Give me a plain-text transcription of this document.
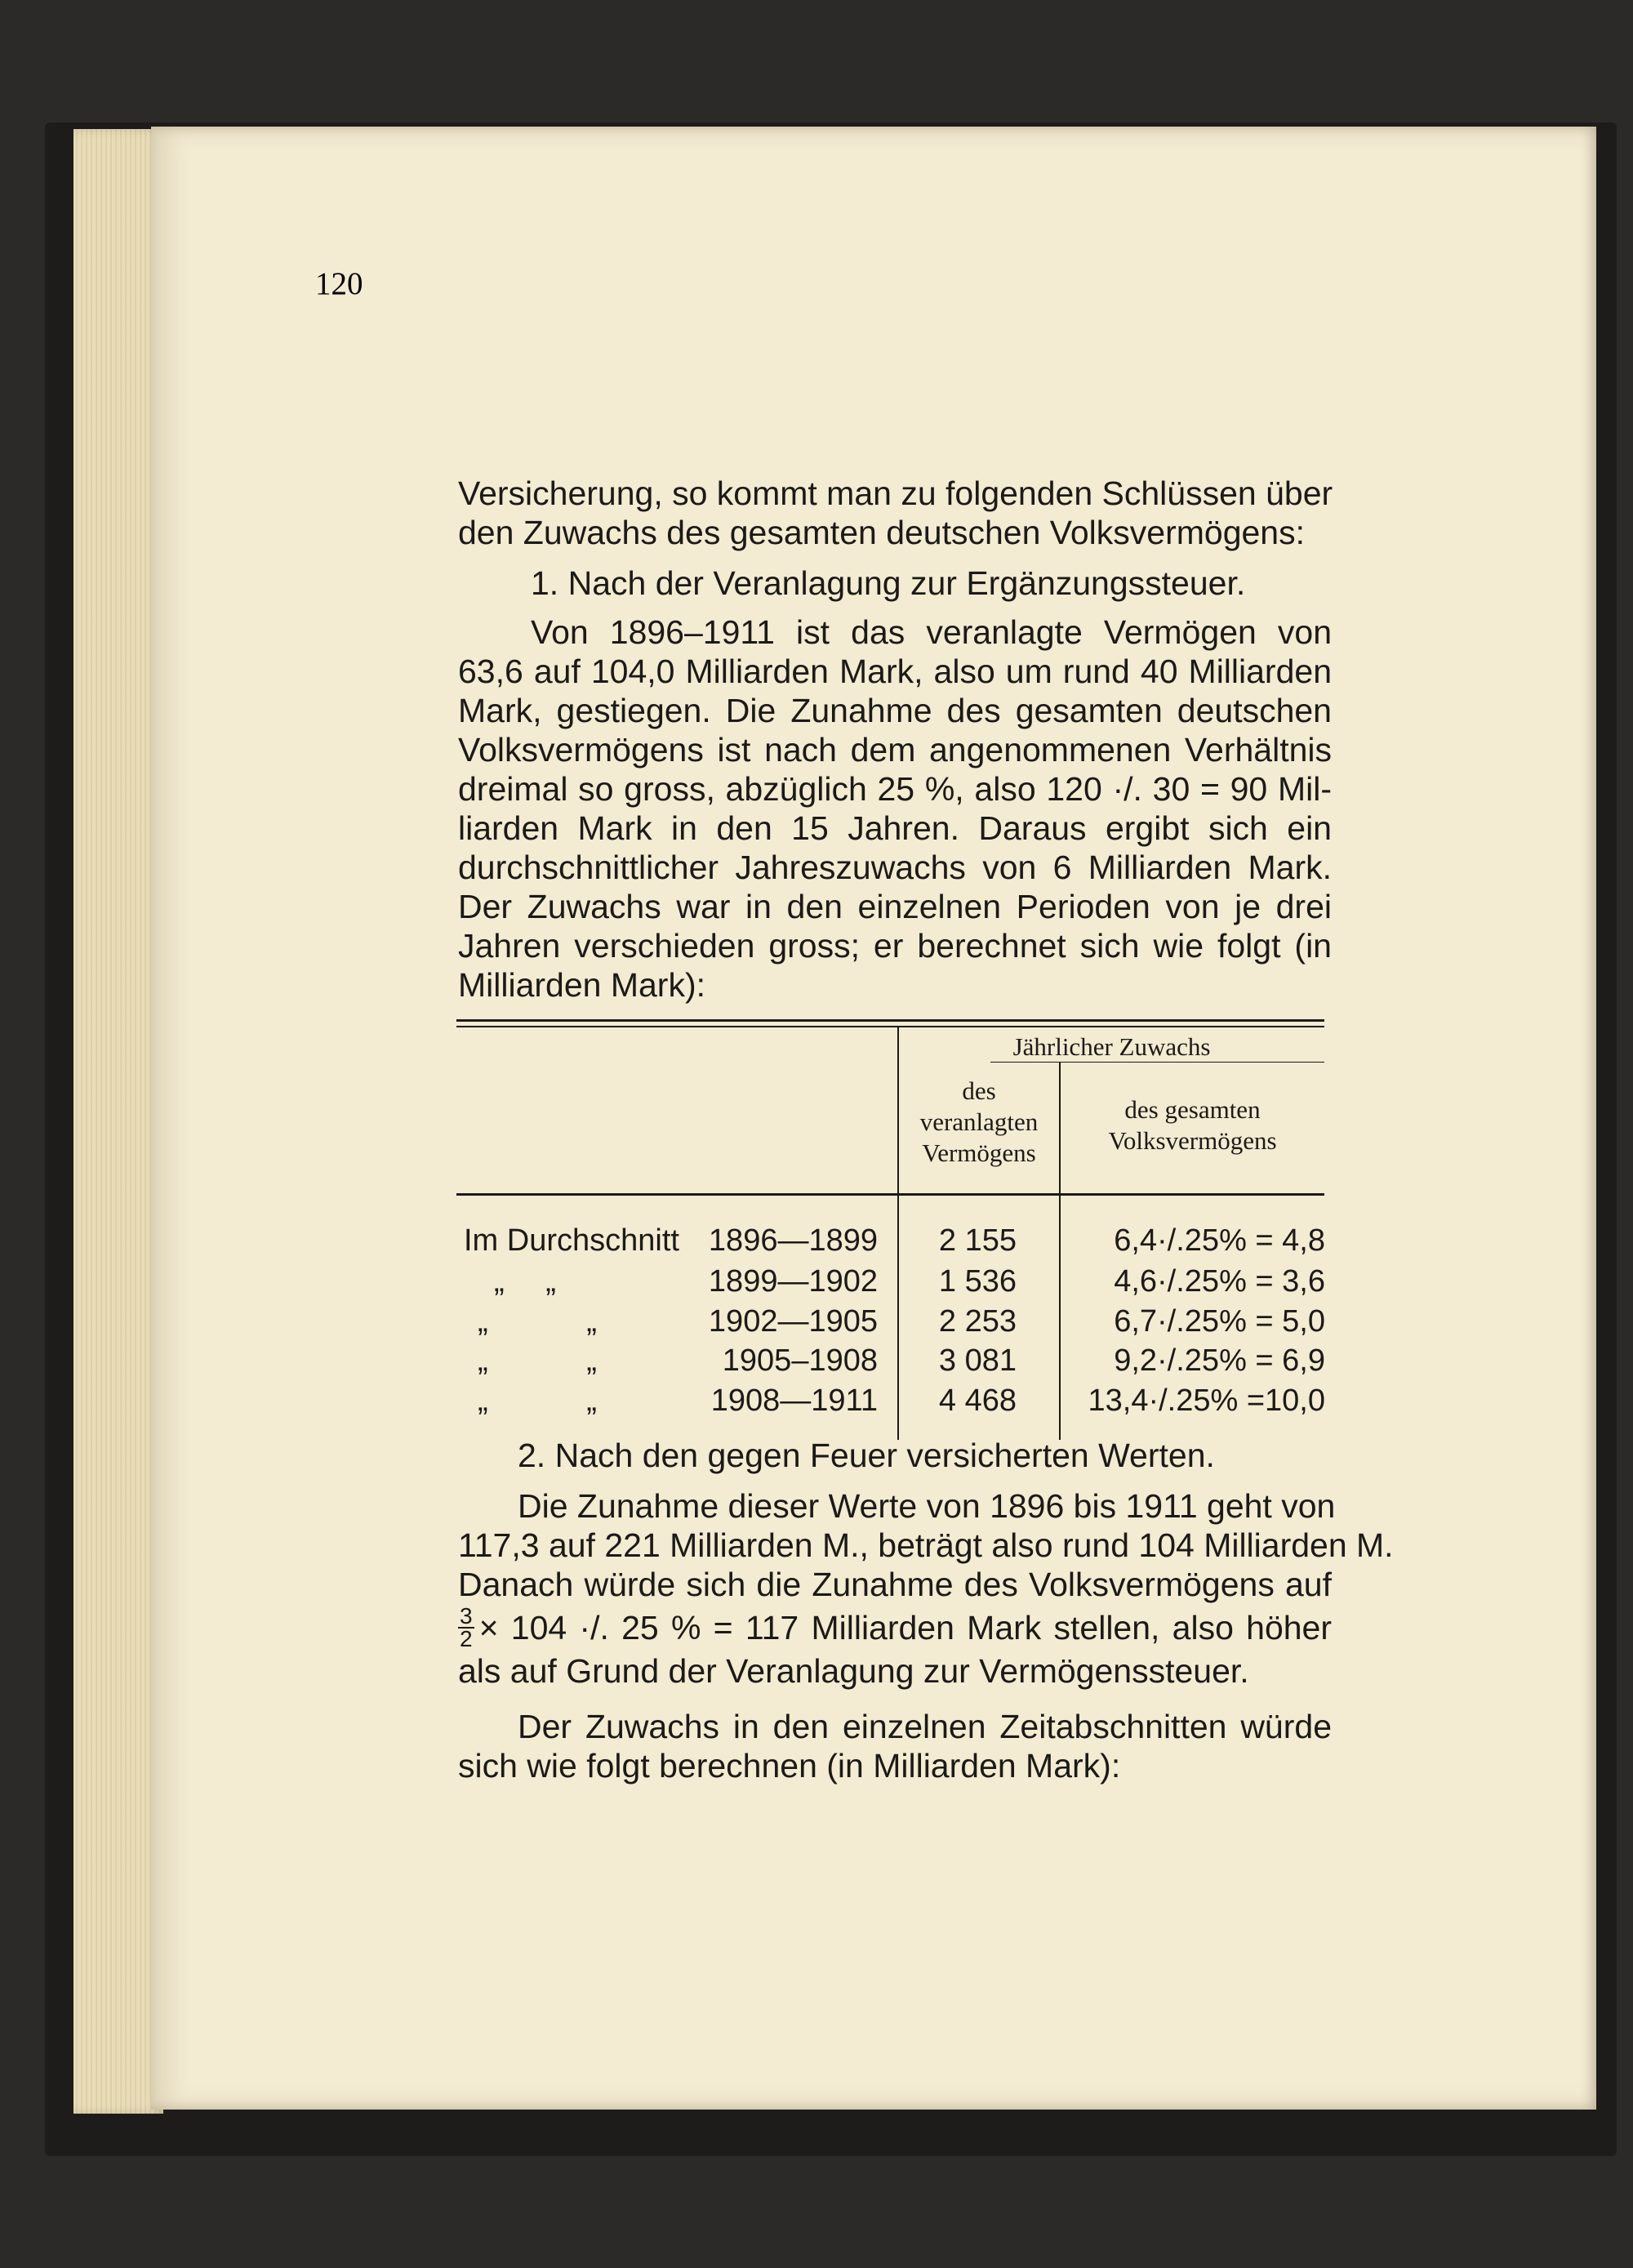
120
Versicherung, so kommt man zu folgenden Schlüssen über
den Zuwachs des gesamten deutschen Volksvermögens:
1. Nach der Veranlagung zur Ergänzungssteuer.
Von 1896–1911 ist das veranlagte Vermögen von
63,6 auf 104,0 Milliarden Mark, also um rund 40 Milliarden
Mark, gestiegen. Die Zunahme des gesamten deutschen
Volksvermögens ist nach dem angenommenen Verhältnis
dreimal so gross, abzüglich 25 %, also 120 ·/. 30 = 90 Mil-
liarden Mark in den 15 Jahren. Daraus ergibt sich ein
durchschnittlicher Jahreszuwachs von 6 Milliarden Mark.
Der Zuwachs war in den einzelnen Perioden von je drei
Jahren verschieden gross; er berechnet sich wie folgt (in
Milliarden Mark):
Jährlicher Zuwachs
des
veranlagten
Vermögens
des gesamten
Volksvermögens
Im Durchschnitt 1896—1899	2 155	6,4·/.25% = 4,8
„ „	1899—1902	1 536	4,6·/.25% = 3,6
„ „	1902—1905	2 253	6,7·/.25% = 5,0
„ „	1905–1908	3 081	9,2·/.25% = 6,9
„ „	1908—1911	4 468	13,4·/.25% =10,0
2. Nach den gegen Feuer versicherten Werten.
Die Zunahme dieser Werte von 1896 bis 1911 geht von
117,3 auf 221 Milliarden M., beträgt also rund 104 Milliarden M.
Danach würde sich die Zunahme des Volksvermögens auf
$\frac{3}{2} \times 104$ ·/. 25 % = 117 Milliarden Mark stellen, also höher
als auf Grund der Veranlagung zur Vermögenssteuer.
Der Zuwachs in den einzelnen Zeitabschnitten würde
sich wie folgt berechnen (in Milliarden Mark):
